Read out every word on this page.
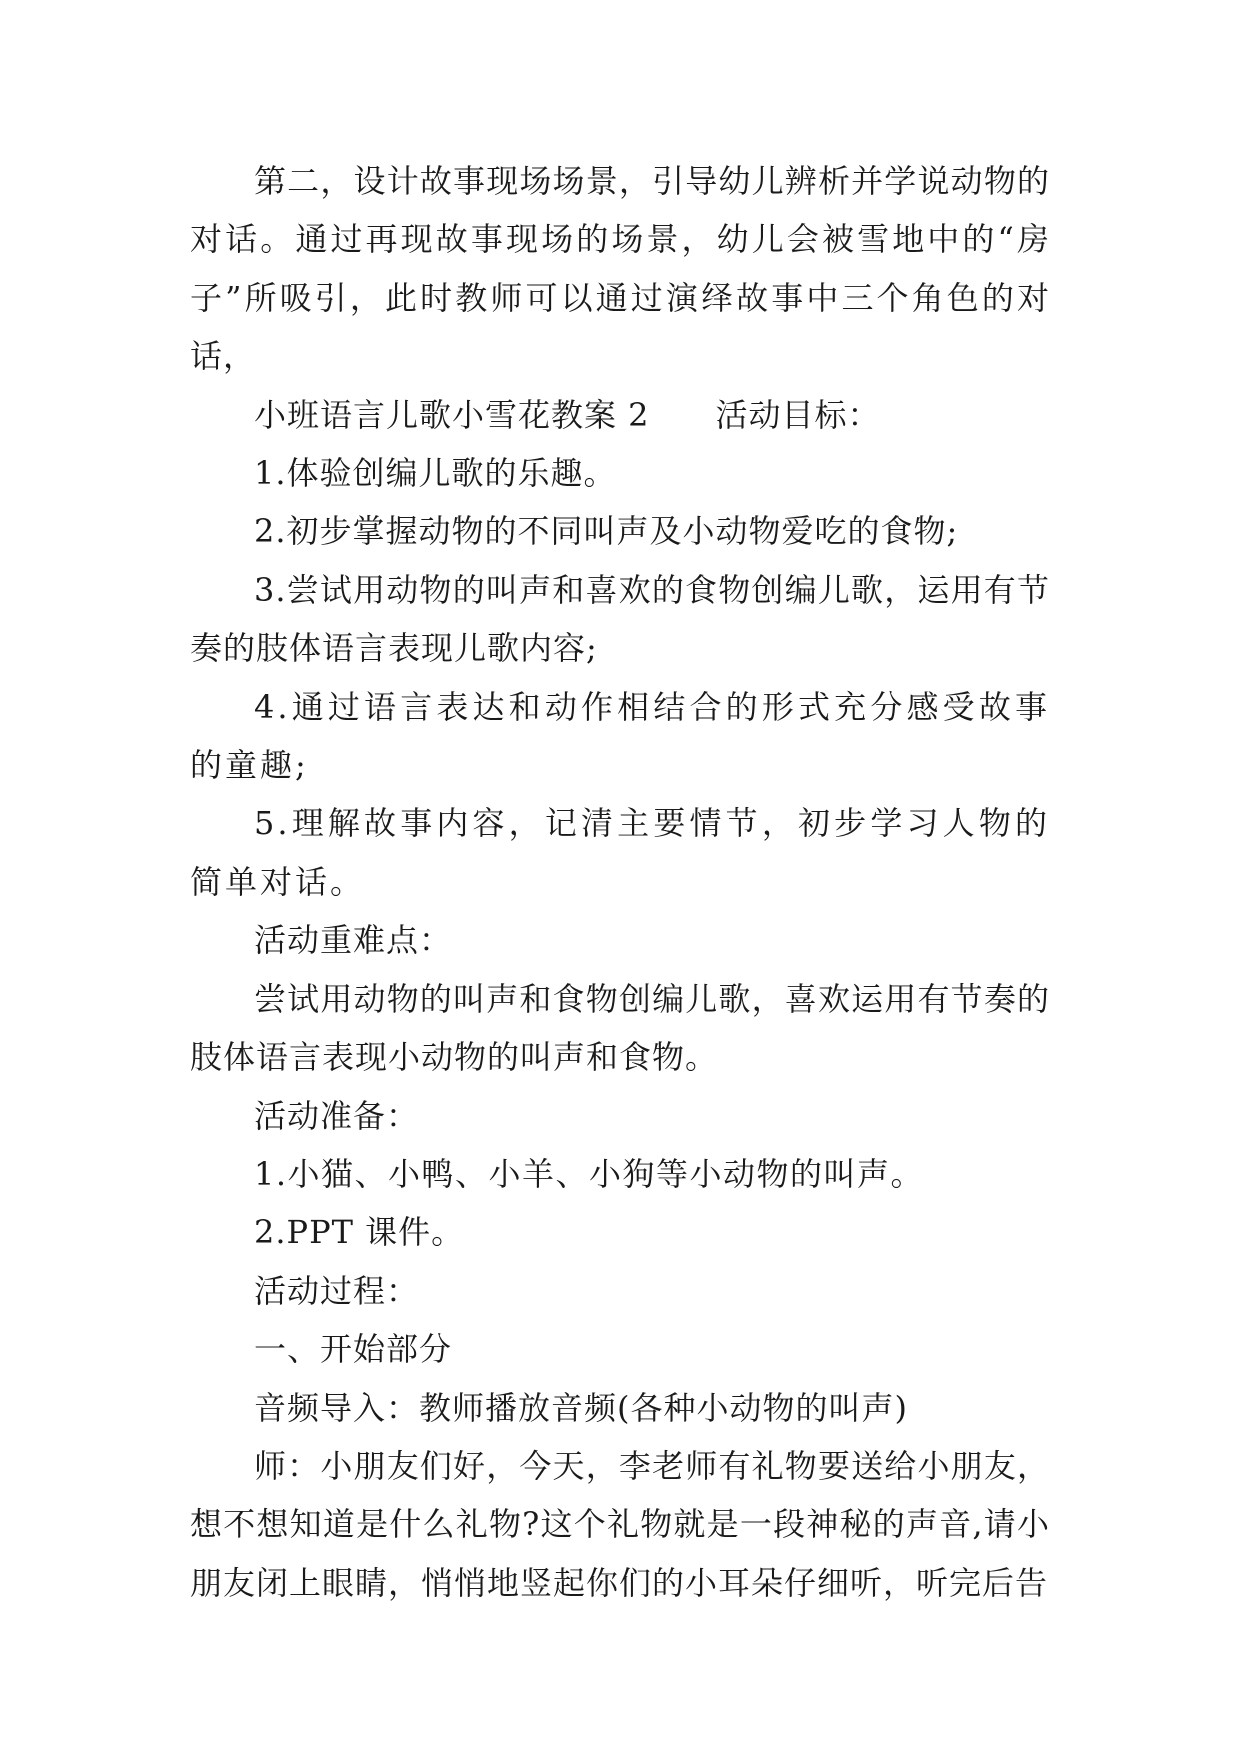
第二，设计故事现场场景，引导幼儿辨析并学说动物的对话。通过再现故事现场的场景，幼儿会被雪地中的“房子”所吸引，此时教师可以通过演绎故事中三个角色的对话，

小班语言儿歌小雪花教案 2　　活动目标：

1.体验创编儿歌的乐趣。

2.初步掌握动物的不同叫声及小动物爱吃的食物;

3.尝试用动物的叫声和喜欢的食物创编儿歌，运用有节奏的肢体语言表现儿歌内容;

4.通过语言表达和动作相结合的形式充分感受故事的童趣;

5.理解故事内容，记清主要情节，初步学习人物的简单对话。

活动重难点：

尝试用动物的叫声和食物创编儿歌，喜欢运用有节奏的肢体语言表现小动物的叫声和食物。

活动准备：

1.小猫、小鸭、小羊、小狗等小动物的叫声。

2.PPT 课件。

活动过程：

一、开始部分

音频导入：教师播放音频(各种小动物的叫声)

师：小朋友们好，今天，李老师有礼物要送给小朋友，想不想知道是什么礼物?这个礼物就是一段神秘的声音,请小朋友闭上眼睛，悄悄地竖起你们的小耳朵仔细听，听完后告
